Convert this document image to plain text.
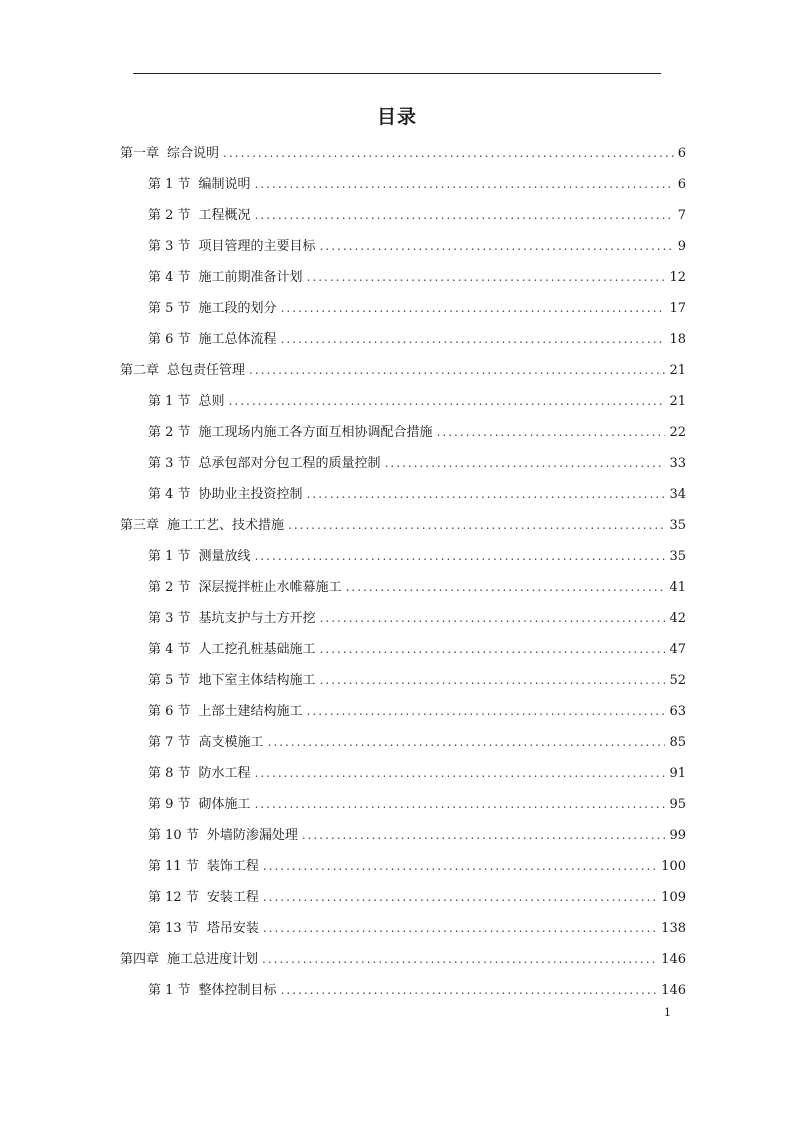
目录
第一章 综合说明 .....	6
第 1 节 编制说明 .....	6
第 2 节 工程概况 .....	7
第 3 节 项目管理的主要目标 .....	9
第 4 节 施工前期准备计划 .....	12
第 5 节 施工段的划分 .....	17
第 6 节 施工总体流程 .....	18
第二章 总包责任管理 .....	21
第 1 节 总则 .....	21
第 2 节 施工现场内施工各方面互相协调配合措施 .....	22
第 3 节 总承包部对分包工程的质量控制 .....	33
第 4 节 协助业主投资控制 .....	34
第三章 施工工艺、技术措施 .....	35
第 1 节 测量放线 .....	35
第 2 节 深层搅拌桩止水帷幕施工 .....	41
第 3 节 基坑支护与土方开挖 .....	42
第 4 节 人工挖孔桩基础施工 .....	47
第 5 节 地下室主体结构施工 .....	52
第 6 节 上部土建结构施工 .....	63
第 7 节 高支模施工 .....	85
第 8 节 防水工程 .....	91
第 9 节 砌体施工 .....	95
第 10 节 外墙防渗漏处理 .....	99
第 11 节 装饰工程 .....	100
第 12 节 安装工程 .....	109
第 13 节 塔吊安装 .....	138
第四章 施工总进度计划 .....	146
第 1 节 整体控制目标 .....	146
1
